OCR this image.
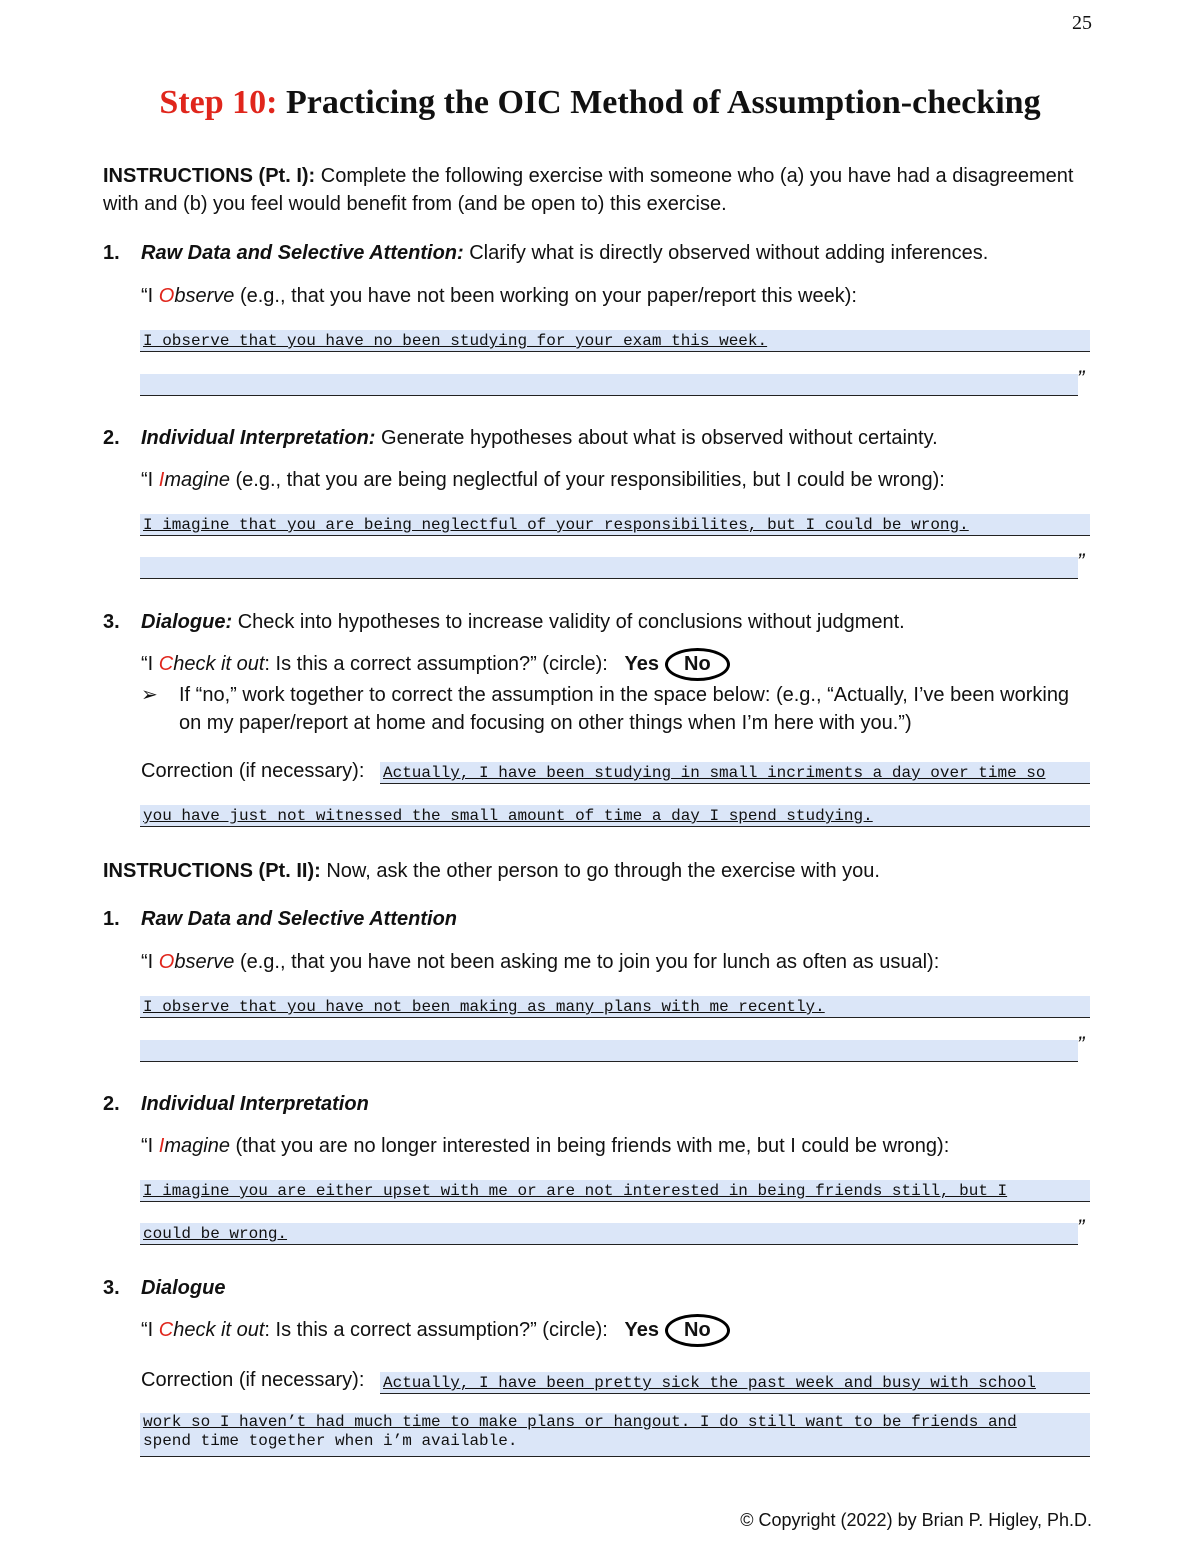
25
Step 10: Practicing the OIC Method of Assumption-checking
INSTRUCTIONS (Pt. I): Complete the following exercise with someone who (a) you have had a disagreement with and (b) you feel would benefit from (and be open to) this exercise.
1. Raw Data and Selective Attention: Clarify what is directly observed without adding inferences.
“I Observe (e.g., that you have not been working on your paper/report this week):
I observe that you have no been studying for your exam this week.
”
2. Individual Interpretation: Generate hypotheses about what is observed without certainty.
“I Imagine (e.g., that you are being neglectful of your responsibilities, but I could be wrong):
I imagine that you are being neglectful of your responsibilites, but I could be wrong.
”
3. Dialogue: Check into hypotheses to increase validity of conclusions without judgment.
“I Check it out: Is this a correct assumption?” (circle): Yes No
➢	If “no,” work together to correct the assumption in the space below: (e.g., “Actually, I’ve been working on my paper/report at home and focusing on other things when I’m here with you.”)
Correction (if necessary): Actually, I have been studying in small incriments a day over time so
you have just not witnessed the small amount of time a day I spend studying.
INSTRUCTIONS (Pt. II): Now, ask the other person to go through the exercise with you.
1. Raw Data and Selective Attention
“I Observe (e.g., that you have not been asking me to join you for lunch as often as usual):
I observe that you have not been making as many plans with me recently.
”
2. Individual Interpretation
“I Imagine (that you are no longer interested in being friends with me, but I could be wrong):
I imagine you are either upset with me or are not interested in being friends still, but I
could be wrong.	”
3. Dialogue
“I Check it out: Is this a correct assumption?” (circle): Yes No
Correction (if necessary): Actually, I have been pretty sick the past week and busy with school
work so I haven’t had much time to make plans or hangout. I do still want to be friends and
spend time together when i’m available.
© Copyright (2022) by Brian P. Higley, Ph.D.
